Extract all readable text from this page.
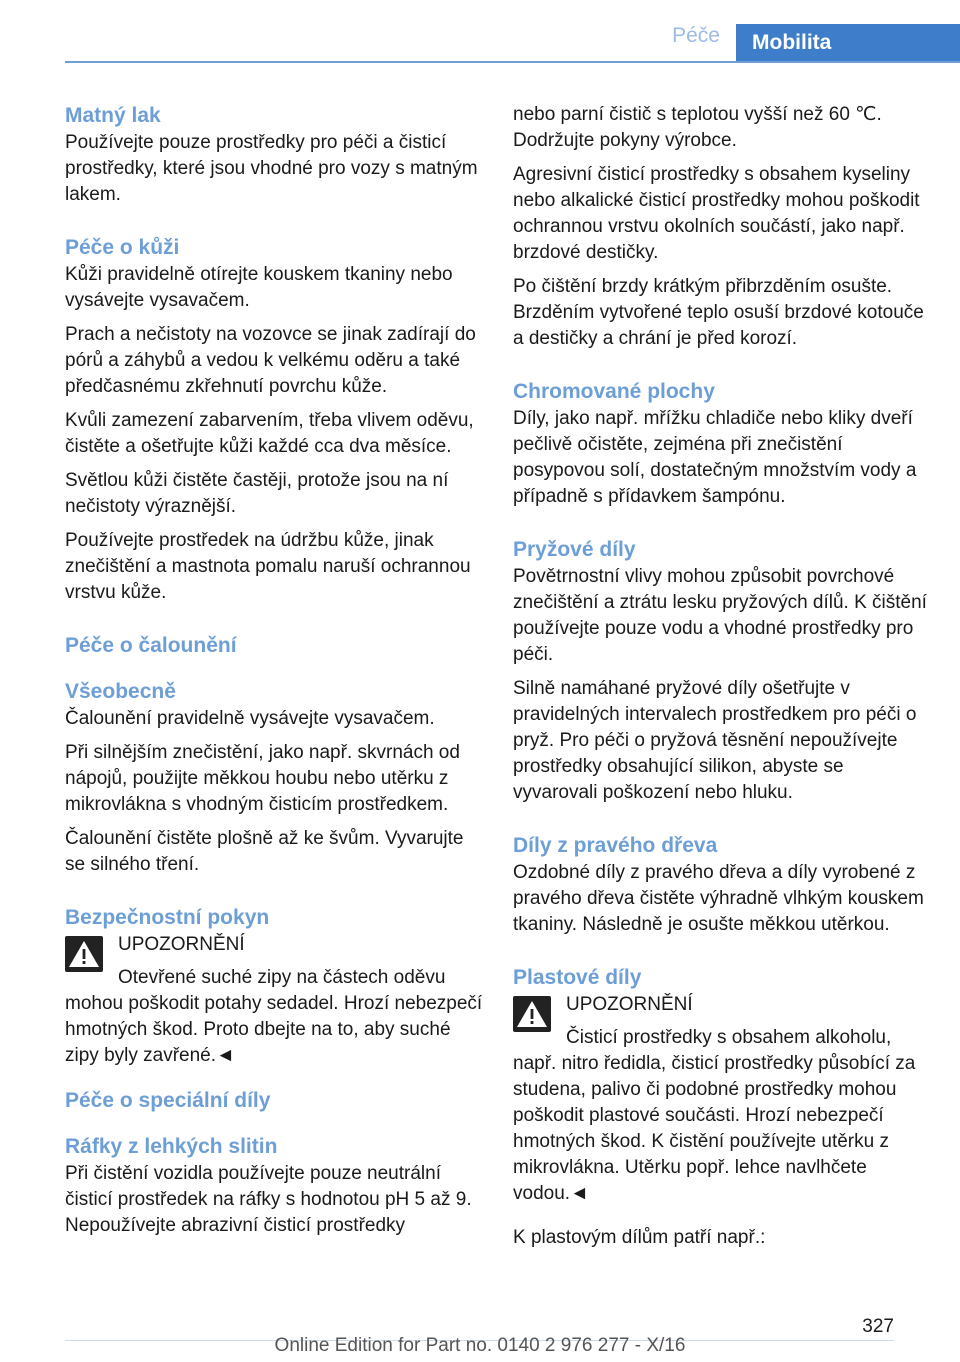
Péče	Mobilita
Matný lak

Používejte pouze prostředky pro péči a čisticí prostředky, které jsou vhodné pro vozy s matným lakem.

Péče o kůži

Kůži pravidelně otírejte kouskem tkaniny nebo vysávejte vysavačem.

Prach a nečistoty na vozovce se jinak zadírají do pórů a záhybů a vedou k velkému oděru a také předčasnému zkřehnutí povrchu kůže.

Kvůli zamezení zabarvením, třeba vlivem oděvu, čistěte a ošetřujte kůži každé cca dva měsíce.

Světlou kůži čistěte častěji, protože jsou na ní nečistoty výraznější.

Používejte prostředek na údržbu kůže, jinak znečištění a mastnota pomalu naruší ochrannou vrstvu kůže.

Péče o čalounění
Všeobecně

Čalounění pravidelně vysávejte vysavačem.

Při silnějším znečistění, jako např. skvrnách od nápojů, použijte měkkou houbu nebo utěrku z mikrovlákna s vhodným čisticím prostředkem.

Čalounění čistěte plošně až ke švům. Vyvarujte se silného tření.

Bezpečnostní pokyn
UPOZORNĚNÍ
Otevřené suché zipy na částech oděvu

mohou poškodit potahy sedadel. Hrozí nebezpečí hmotných škod. Proto dbejte na to, aby suché zipy byly zavřené.◄

Péče o speciální díly
Ráfky z lehkých slitin

Při čistění vozidla používejte pouze neutrální čisticí prostředek na ráfky s hodnotou pH 5 až 9. Nepoužívejte abrazivní čisticí prostředky

nebo parní čistič s teplotou vyšší než 60 ℃. Dodržujte pokyny výrobce.

Agresivní čisticí prostředky s obsahem kyseliny nebo alkalické čisticí prostředky mohou poškodit ochrannou vrstvu okolních součástí, jako např. brzdové destičky.

Po čištění brzdy krátkým přibrzděním osušte. Brzděním vytvořené teplo osuší brzdové kotouče a destičky a chrání je před korozí.

Chromované plochy

Díly, jako např. mřížku chladiče nebo kliky dveří pečlivě očistěte, zejména při znečistění posypovou solí, dostatečným množstvím vody a případně s přídavkem šampónu.

Pryžové díly

Povětrnostní vlivy mohou způsobit povrchové znečištění a ztrátu lesku pryžových dílů. K čištění používejte pouze vodu a vhodné prostředky pro péči.

Silně namáhané pryžové díly ošetřujte v pravidelných intervalech prostředkem pro péči o pryž. Pro péči o pryžová těsnění nepoužívejte prostředky obsahující silikon, abyste se vyvarovali poškození nebo hluku.

Díly z pravého dřeva

Ozdobné díly z pravého dřeva a díly vyrobené z pravého dřeva čistěte výhradně vlhkým kouskem tkaniny. Následně je osušte měkkou utěrkou.

Plastové díly
UPOZORNĚNÍ
Čisticí prostředky s obsahem alkoholu,

např. nitro ředidla, čisticí prostředky působící za studena, palivo či podobné prostředky mohou poškodit plastové součásti. Hrozí nebezpečí hmotných škod. K čistění používejte utěrku z mikrovlákna. Utěrku popř. lehce navlhčete vodou.◄

K plastovým dílům patří např.:

327
Online Edition for Part no. 0140 2 976 277 - X/16
